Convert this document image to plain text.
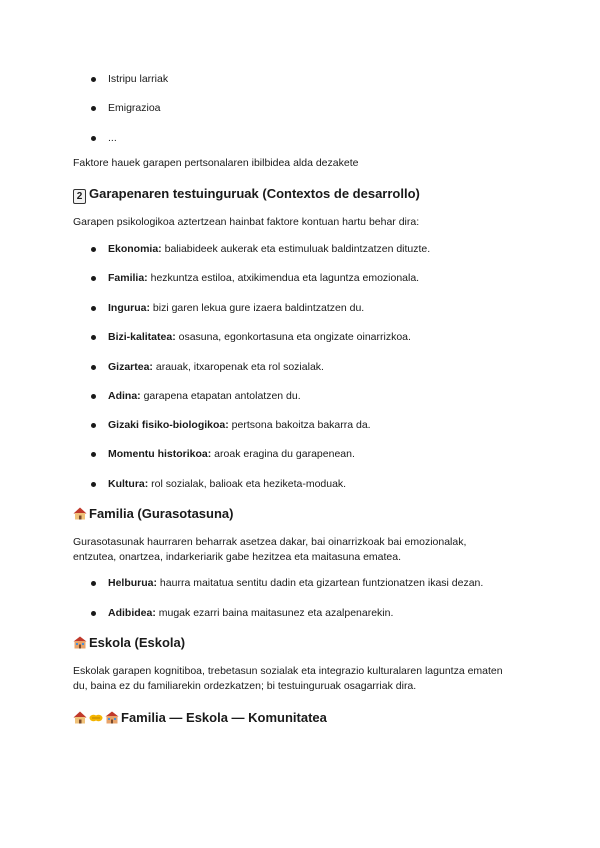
Istripu larriak
Emigrazioa
...

Faktore hauek garapen pertsonalaren ibilbidea alda dezakete

2 Garapenaren testuinguruak (Contextos de desarrollo)

Garapen psikologikoa aztertzean hainbat faktore kontuan hartu behar dira:

Ekonomia: baliabideek aukerak eta estimuluak baldintzatzen dituzte.
Familia: hezkuntza estiloa, atxikimendua eta laguntza emozionala.
Ingurua: bizi garen lekua gure izaera baldintzatzen du.
Bizi-kalitatea: osasuna, egonkortasuna eta ongizate oinarrizkoa.
Gizartea: arauak, itxaropenak eta rol sozialak.
Adina: garapena etapatan antolatzen du.
Gizaki fisiko-biologikoa: pertsona bakoitza bakarra da.
Momentu historikoa: aroak eragina du garapenean.
Kultura: rol sozialak, balioak eta heziketa-moduak.
Familia (Gurasotasuna)

Gurasotasunak haurraren beharrak asetzea dakar, bai oinarrizkoak bai emozionalak,
entzutea, onartzea, indarkeriarik gabe hezitzea eta maitasuna ematea.

Helburua: haurra maitatua sentitu dadin eta gizartean funtzionatzen ikasi dezan.
Adibidea: mugak ezarri baina maitasunez eta azalpenarekin.
Eskola (Eskola)

Eskolak garapen kognitiboa, trebetasun sozialak eta integrazio kulturalaren laguntza ematen
du, baina ez du familiarekin ordezkatzen; bi testuinguruak osagarriak dira.

Familia — Eskola — Komunitatea
